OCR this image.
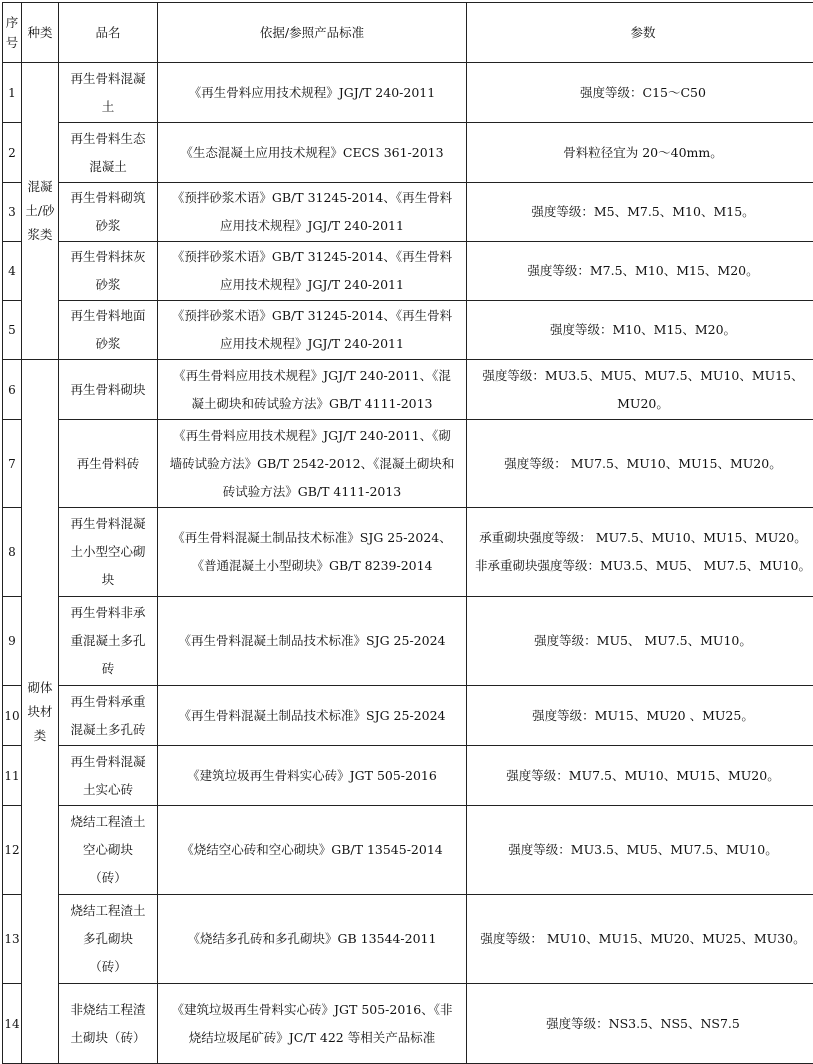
序
号	种类	品名	依据/参照产品标准	参数
1	混凝
土/砂
浆类	再生骨料混凝
土	《再生骨料应用技术规程》JGJ/T 240-2011	强度等级：C15～C50

2		再生骨料生态
混凝土	《生态混凝土应用技术规程》CECS 361-2013	骨料粒径宜为 20～40mm。

3		再生骨料砌筑
砂浆	《预拌砂浆术语》GB/T 31245-2014、《再生骨料
应用技术规程》JGJ/T 240-2011	强度等级：M5、M7.5、M10、M15。

4		再生骨料抹灰
砂浆	《预拌砂浆术语》GB/T 31245-2014、《再生骨料
应用技术规程》JGJ/T 240-2011	强度等级：M7.5、M10、M15、M20。

5		再生骨料地面
砂浆	《预拌砂浆术语》GB/T 31245-2014、《再生骨料
应用技术规程》JGJ/T 240-2011	强度等级：M10、M15、M20。

6	砌体
块材
类	再生骨料砌块	《再生骨料应用技术规程》JGJ/T 240-2011、《混
凝土砌块和砖试验方法》GB/T 4111-2013	强度等级：MU3.5、MU5、MU7.5、MU10、MU15、
MU20。

7		再生骨料砖	《再生骨料应用技术规程》JGJ/T 240-2011、《砌
墙砖试验方法》GB/T 2542-2012、《混凝土砌块和
砖试验方法》GB/T 4111-2013	强度等级： MU7.5、MU10、MU15、MU20。

8		再生骨料混凝
土小型空心砌
块	《再生骨料混凝土制品技术标准》SJG 25-2024、
《普通混凝土小型砌块》GB/T 8239-2014	承重砌块强度等级： MU7.5、MU10、MU15、MU20。
非承重砌块强度等级：MU3.5、MU5、 MU7.5、MU10。

9		再生骨料非承
重混凝土多孔
砖	《再生骨料混凝土制品技术标准》SJG 25-2024	强度等级：MU5、 MU7.5、MU10。

10		再生骨料承重
混凝土多孔砖	《再生骨料混凝土制品技术标准》SJG 25-2024	强度等级：MU15、MU20 、MU25。

11		再生骨料混凝
土实心砖	《建筑垃圾再生骨料实心砖》JGT 505-2016	强度等级：MU7.5、MU10、MU15、MU20。

12		烧结工程渣土
空心砌块
（砖）	《烧结空心砖和空心砌块》GB/T 13545-2014	强度等级：MU3.5、MU5、MU7.5、MU10。

13		烧结工程渣土
多孔砌块
（砖）	《烧结多孔砖和多孔砌块》GB 13544-2011	强度等级： MU10、MU15、MU20、MU25、MU30。

14		非烧结工程渣
土砌块（砖）	《建筑垃圾再生骨料实心砖》JGT 505-2016、《非
烧结垃圾尾矿砖》JC/T 422 等相关产品标准	强度等级：NS3.5、NS5、NS7.5
